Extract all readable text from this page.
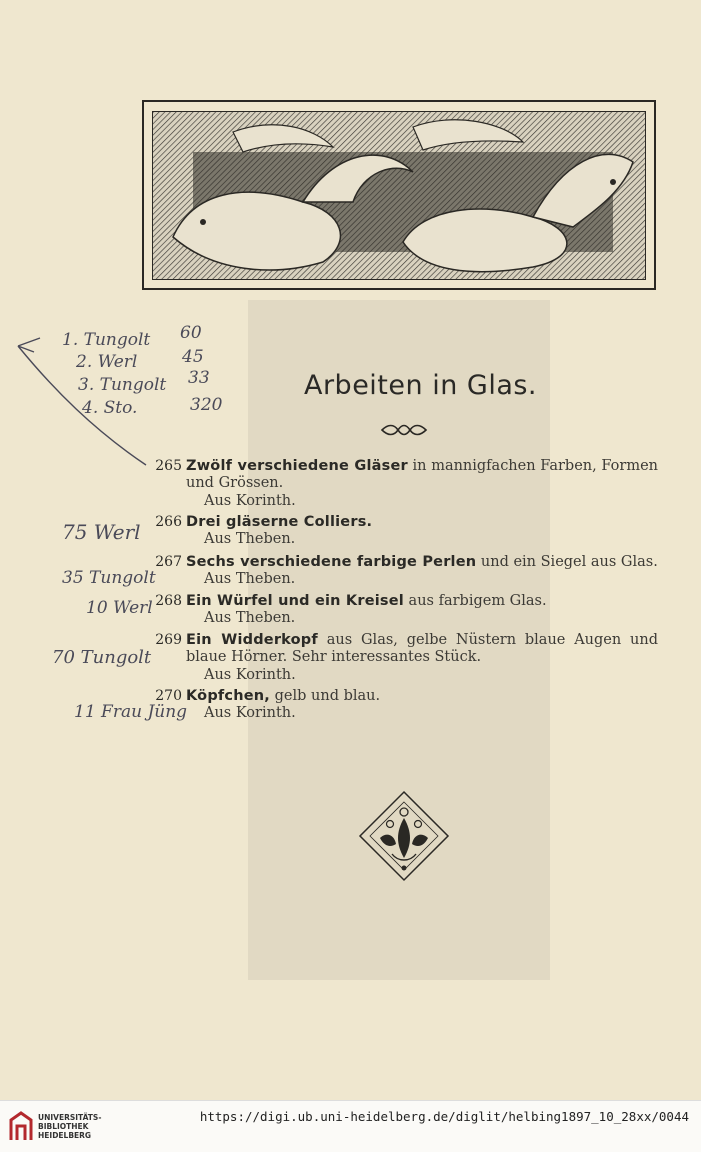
1. Tungolt
2. Werl
3. Tungolt
4. Sto.
60
45
33
320
75 Werl
35 Tungolt
10 Werl
70 Tungolt
11 Frau Jüng
Arbeiten in Glas.
265 Zwölf verschiedene Gläser in mannigfachen Farben, Formen und Grössen.
Aus Korinth.
266 Drei gläserne Colliers.
Aus Theben.
267 Sechs verschiedene farbige Perlen und ein Siegel aus Glas.
Aus Theben.
268 Ein Würfel und ein Kreisel aus farbigem Glas.
Aus Theben.
269 Ein Widderkopf aus Glas, gelbe Nüstern blaue Augen und blaue Hörner. Sehr interessantes Stück.
Aus Korinth.
270 Köpfchen, gelb und blau.
Aus Korinth.
UNIVERSITÄTS-
BIBLIOTHEK
HEIDELBERG
https://digi.ub.uni-heidelberg.de/diglit/helbing1897_10_28xx/0044
